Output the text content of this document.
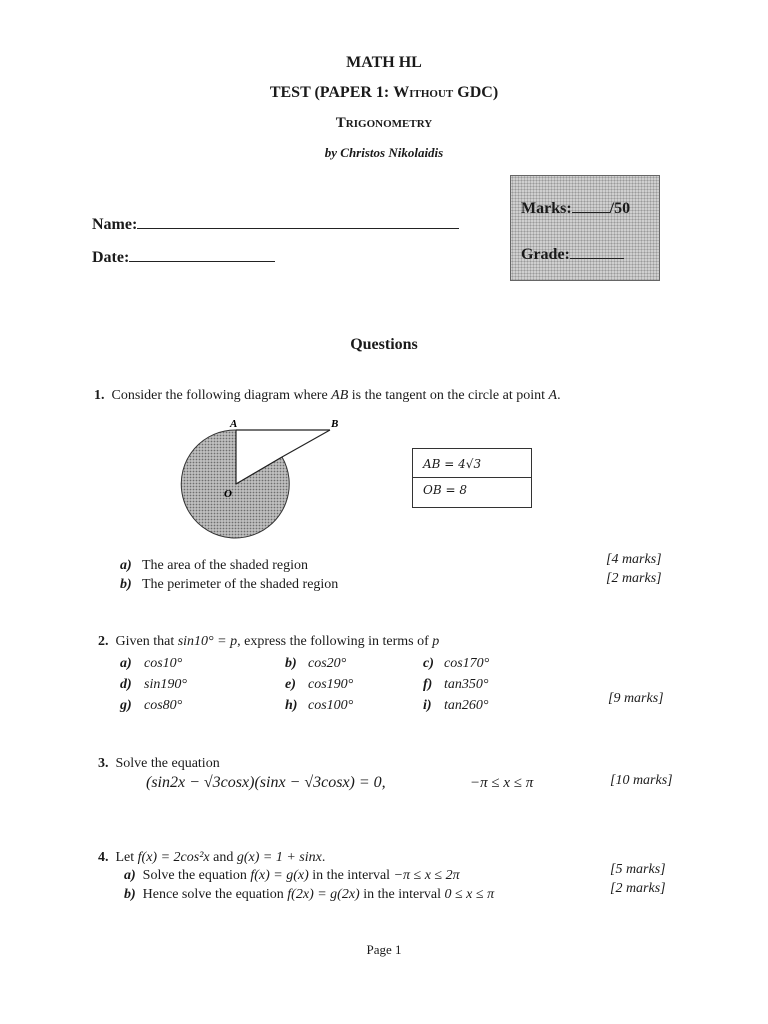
MATH HL
TEST (PAPER 1: Without GDC)
Trigonometry
by Christos Nikolaidis
Name:
Date:
Marks: /50
Grade:
Questions
1. Consider the following diagram where AB is the tangent on the circle at point A.
A	B
O
AB = 4√3
OB = 8
a) The area of the shaded region	[4 marks]
b) The perimeter of the shaded region	[2 marks]
2. Given that sin10° = p, express the following in terms of p
a) cos10°	b) cos20°	c) cos170°
d) sin190°	e) cos190°	f) tan350°
g) cos80°	h) cos100°	i) tan260°	[9 marks]
3. Solve the equation
(sin2x − √3cosx)(sinx − √3cosx) = 0,	−π ≤ x ≤ π	[10 marks]
4. Let f(x) = 2cos²x and g(x) = 1 + sinx.
a) Solve the equation f(x) = g(x) in the interval −π ≤ x ≤ 2π	[5 marks]
b) Hence solve the equation f(2x) = g(2x) in the interval 0 ≤ x ≤ π	[2 marks]
Page 1
